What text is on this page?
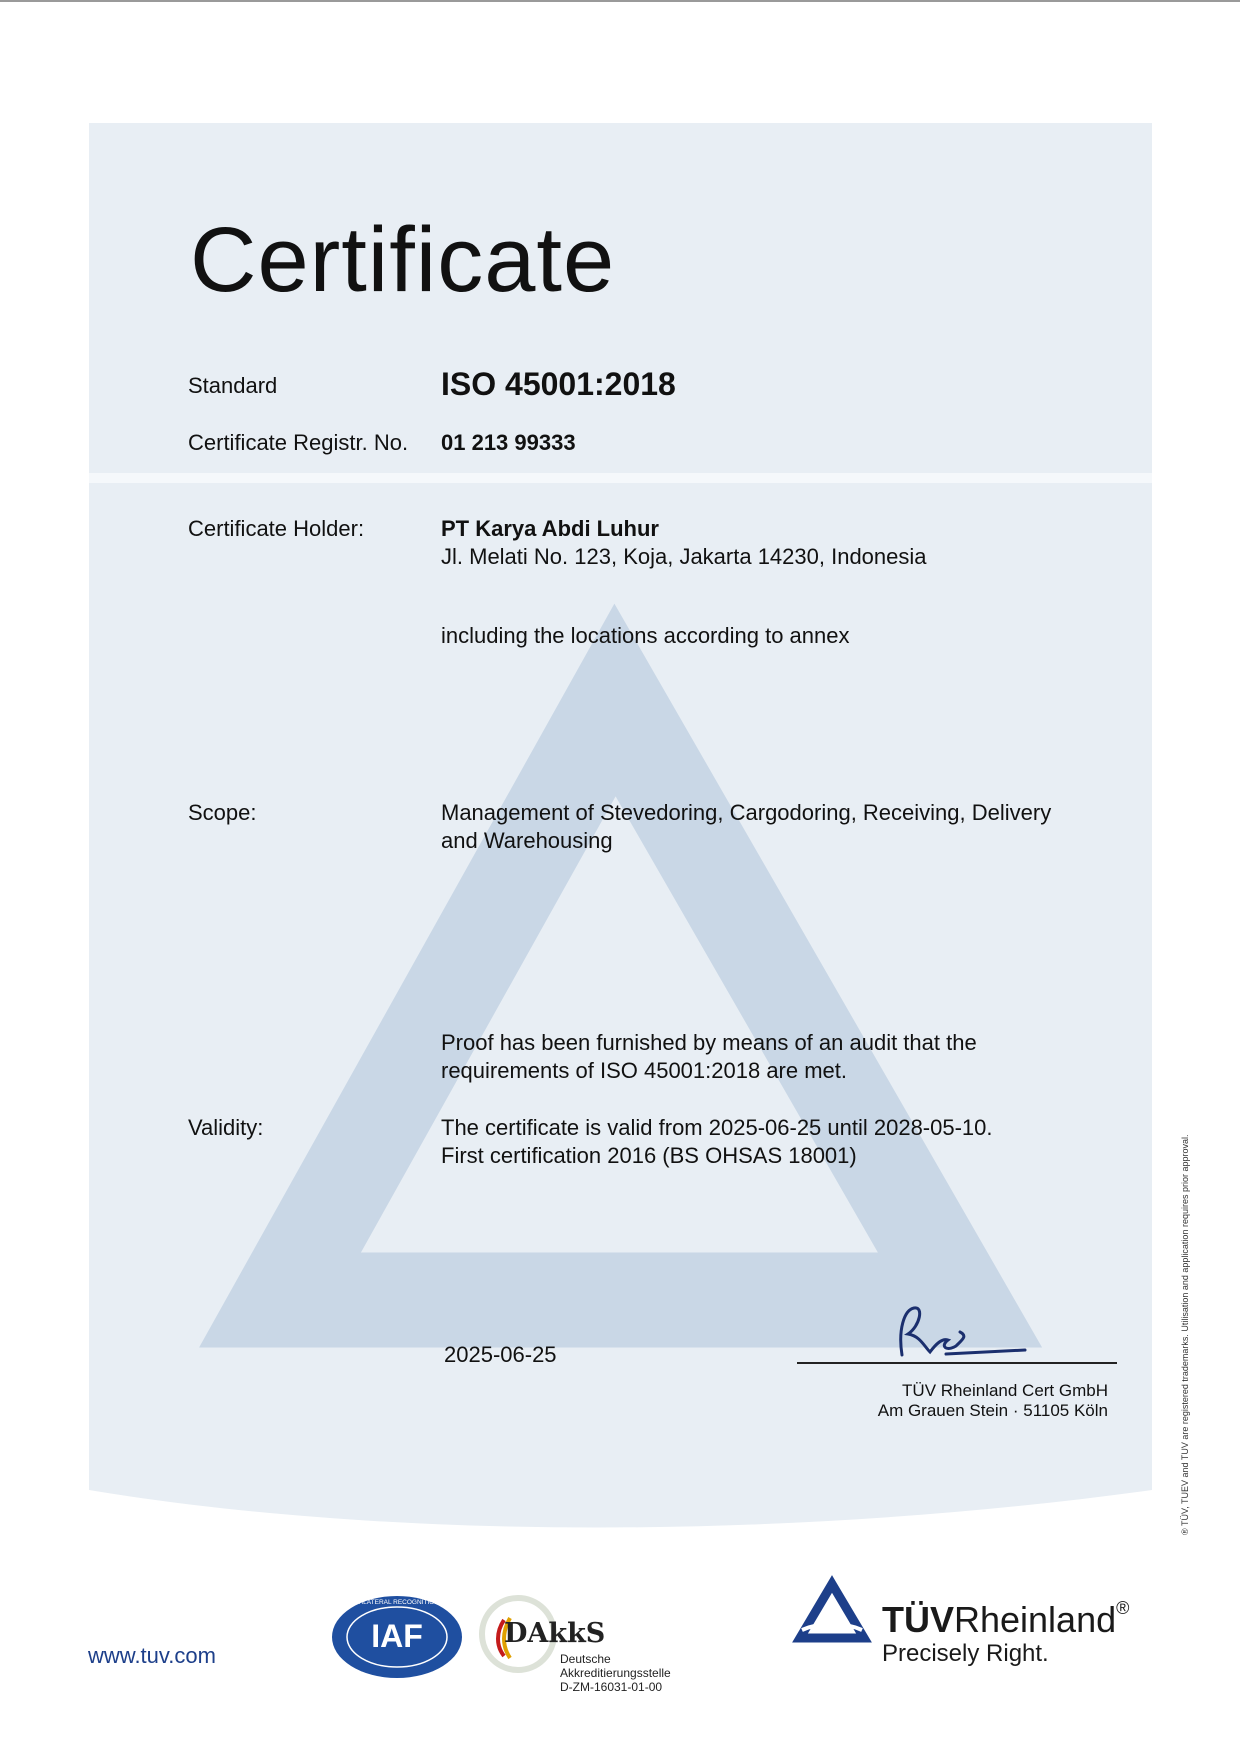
Certificate
Standard	ISO 45001:2018
Certificate Registr. No. 01 213 99333
Certificate Holder:	PT Karya Abdi Luhur
Jl. Melati No. 123, Koja, Jakarta 14230, Indonesia
including the locations according to annex
Scope:	Management of Stevedoring, Cargodoring, Receiving, Delivery
and Warehousing
Proof has been furnished by means of an audit that the
requirements of ISO 45001:2018 are met.
Validity:	The certificate is valid from 2025-06-25 until 2028-05-10.
First certification 2016 (BS OHSAS 18001)
2025-06-25
TÜV Rheinland Cert GmbH
Am Grauen Stein · 51105 Köln	® TÜV, TUEV and TUV are registered trademarks. Utilisation and application requires prior approval.
www.tuv.com
IAF
MEMBER OF MULTILATERAL RECOGNITION ARRANGEMENT
DAkkS
Deutsche
Akkreditierungsstelle
D-ZM-16031-01-00
TÜVRheinland®
Precisely Right.
